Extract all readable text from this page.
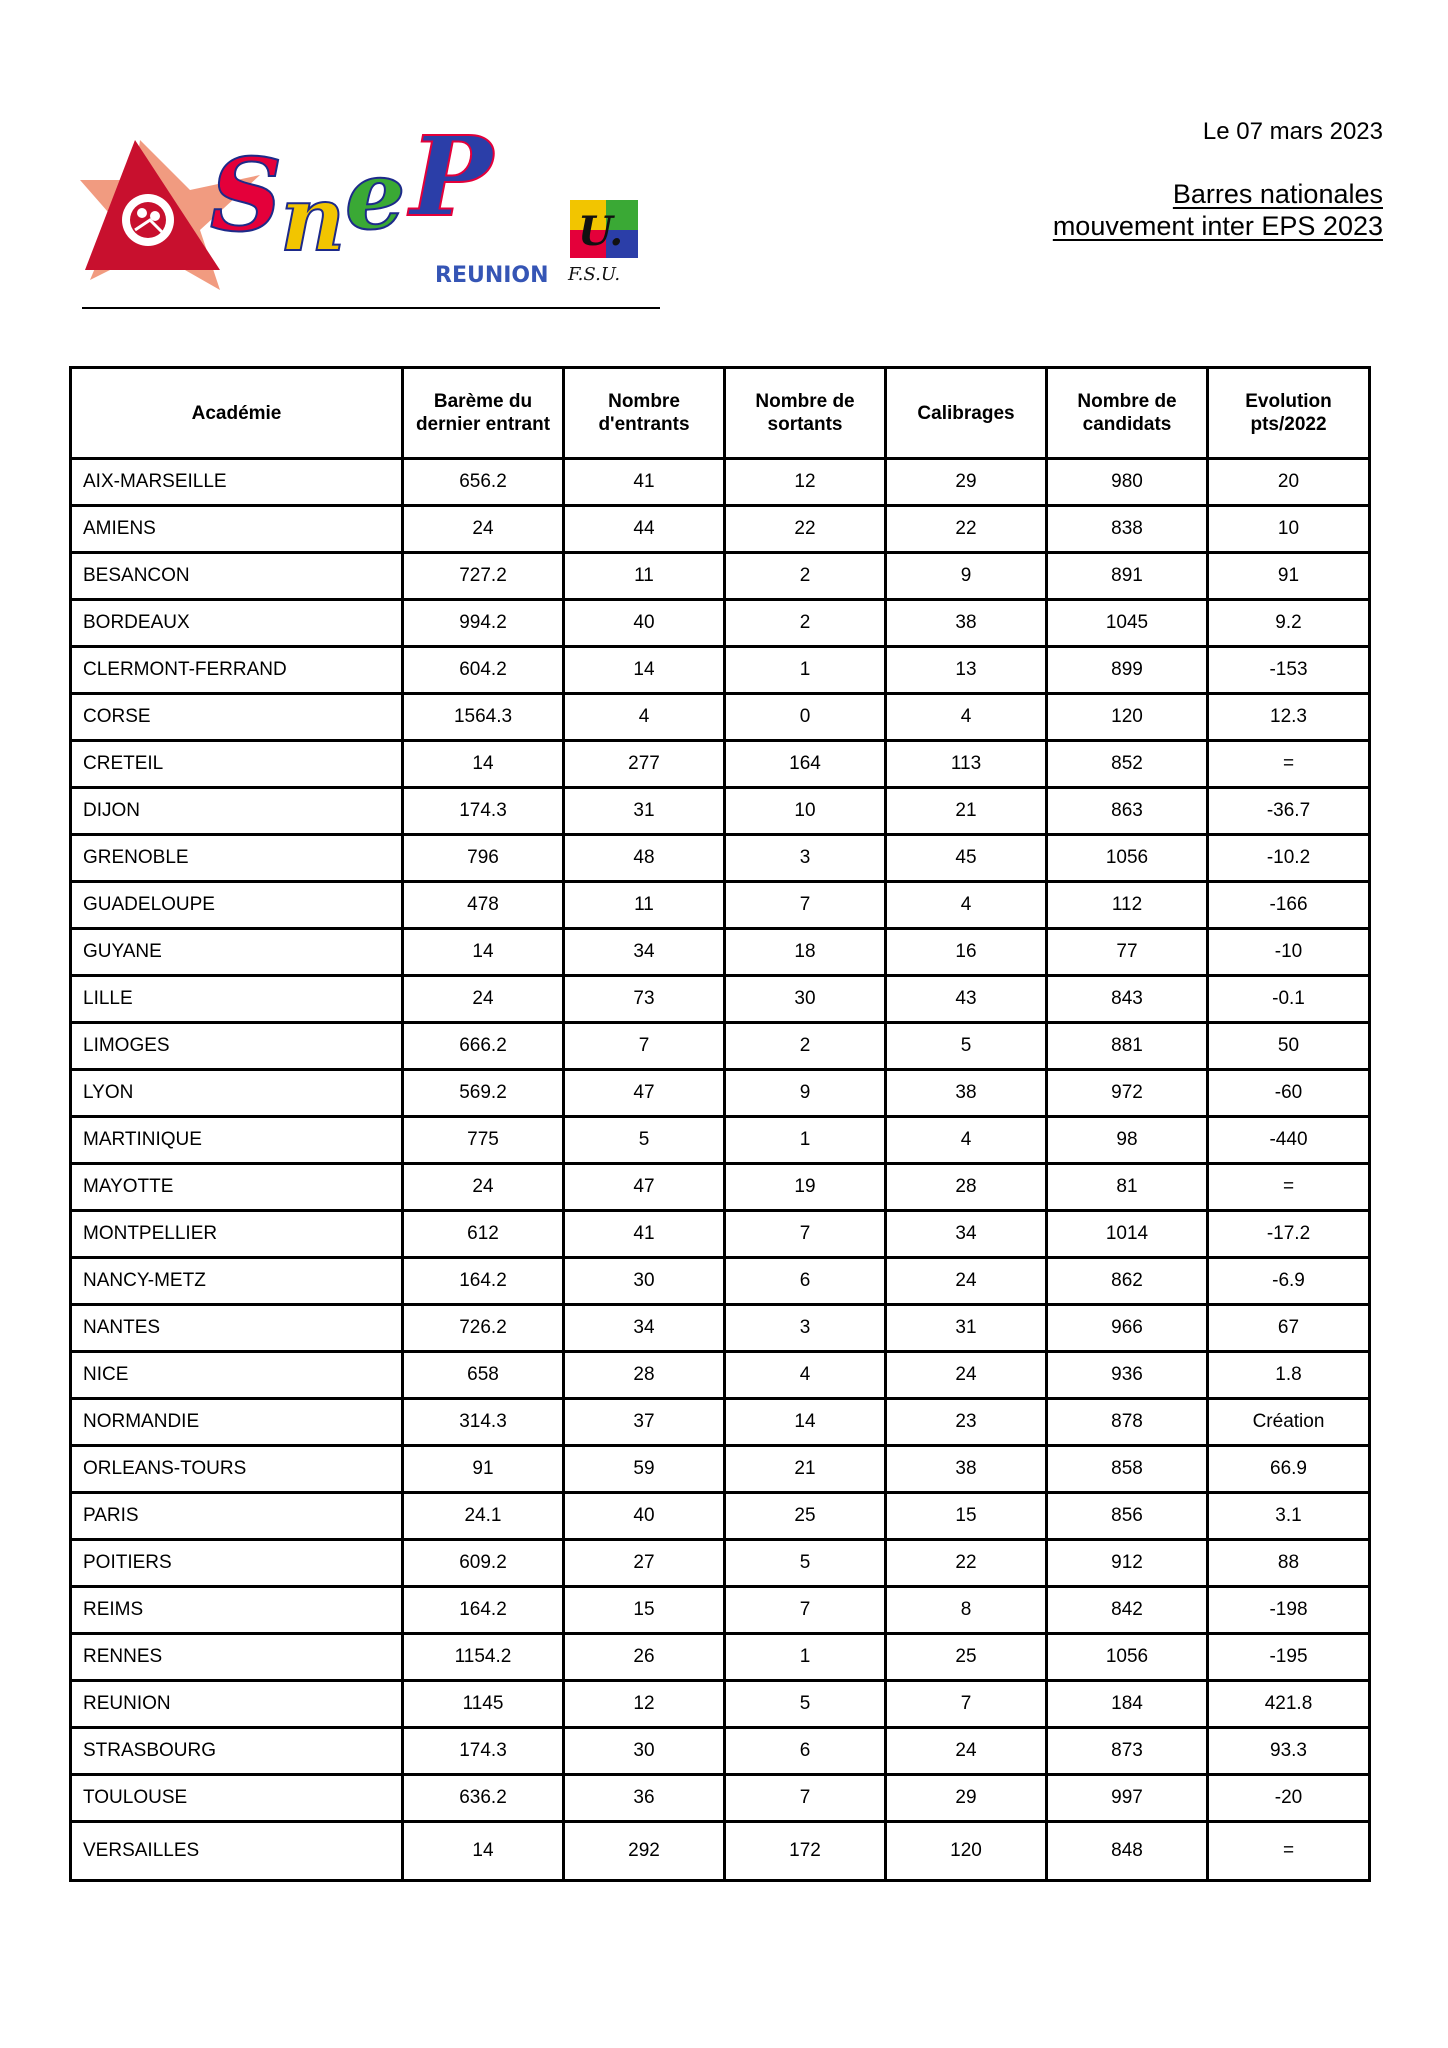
S
n e P
REUNION
U.
F.S.U.
Le 07 mars 2023
Barres nationales
mouvement inter EPS 2023
Académie	Barème du dernier entrant	Nombre d'entrants	Nombre de sortants	Calibrages	Nombre de candidats	Evolution pts/2022
AIX-MARSEILLE	656.2	41	12	29	980	20
AMIENS	24	44	22	22	838	10
BESANCON	727.2	11	2	9	891	91
BORDEAUX	994.2	40	2	38	1045	9.2
CLERMONT-FERRAND	604.2	14	1	13	899	-153
CORSE	1564.3	4	0	4	120	12.3
CRETEIL	14	277	164	113	852	=
DIJON	174.3	31	10	21	863	-36.7
GRENOBLE	796	48	3	45	1056	-10.2
GUADELOUPE	478	11	7	4	112	-166
GUYANE	14	34	18	16	77	-10
LILLE	24	73	30	43	843	-0.1
LIMOGES	666.2	7	2	5	881	50
LYON	569.2	47	9	38	972	-60
MARTINIQUE	775	5	1	4	98	-440
MAYOTTE	24	47	19	28	81	=
MONTPELLIER	612	41	7	34	1014	-17.2
NANCY-METZ	164.2	30	6	24	862	-6.9
NANTES	726.2	34	3	31	966	67
NICE	658	28	4	24	936	1.8
NORMANDIE	314.3	37	14	23	878	Création
ORLEANS-TOURS	91	59	21	38	858	66.9
PARIS	24.1	40	25	15	856	3.1
POITIERS	609.2	27	5	22	912	88
REIMS	164.2	15	7	8	842	-198
RENNES	1154.2	26	1	25	1056	-195
REUNION	1145	12	5	7	184	421.8
STRASBOURG	174.3	30	6	24	873	93.3
TOULOUSE	636.2	36	7	29	997	-20
VERSAILLES	14	292	172	120	848	=
